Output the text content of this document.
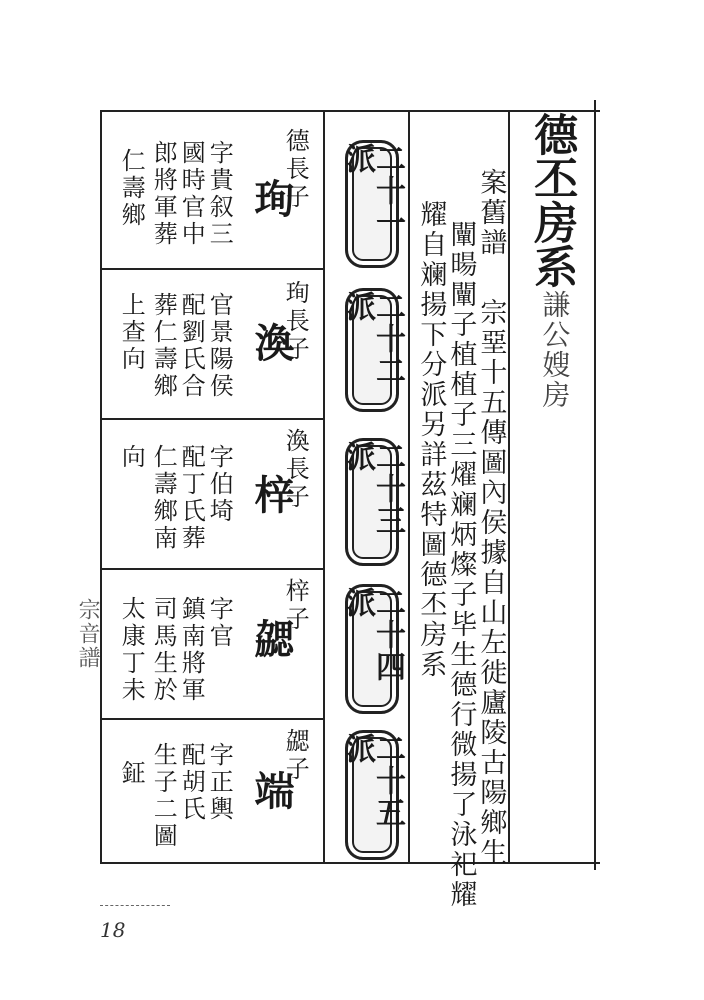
德丕房系
謙公嫂房
案舊譜
宗堊十五傳圖內侯據自山左徙廬陵古陽鄉生
闡暘闡子植植子三燿斓炳燦子毕生德行微揚了泳祀耀
耀自斓揚下分派另詳茲特圖德丕房系
二十一派
二十二派
二十三派
二十四派
二十五派
德長子
珣
字貴叙三
國時官中
郎將軍葬
仁壽鄉
珣長子
渙
官景陽侯
配劉氏合
葬仁壽鄉
上查向
渙長子
梓
字伯埼
配丁氏葬
仁壽鄉南
向
梓子
勰
字官
鎮南將軍
司馬生於
太康丁未
勰子
端
字正輿
配胡氏
生子二圖
鉦
宗音譜
18
